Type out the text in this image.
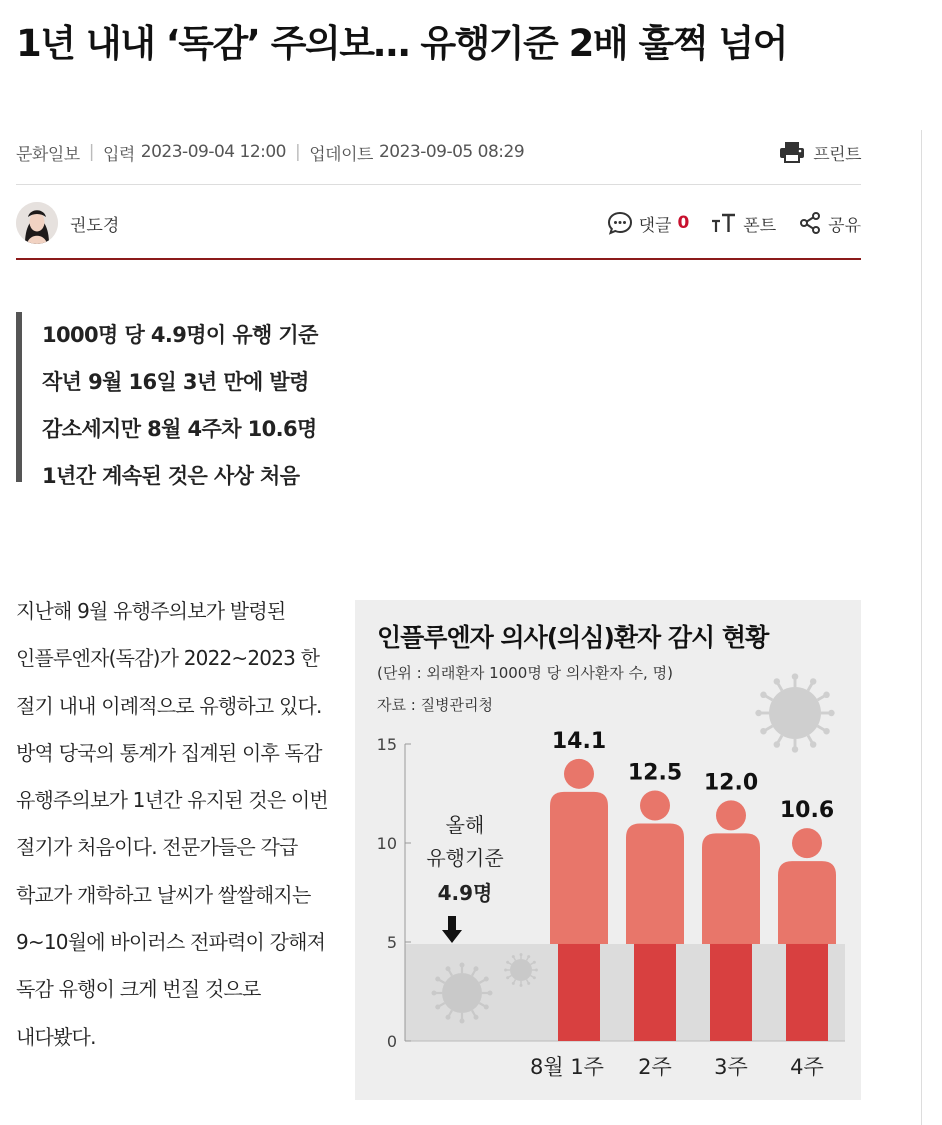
1년 내내 ‘독감’ 주의보… 유행기준 2배 훌쩍 넘어
문화일보 | 입력 2023-09-04 12:00 | 업데이트 2023-09-05 08:29	프린트
권도경	댓글 0	폰트	공유
1000명 당 4.9명이 유행 기준
작년 9월 16일 3년 만에 발령
감소세지만 8월 4주차 10.6명
1년간 계속된 것은 사상 처음

지난해 9월 유행주의보가 발령된 인플루엔자(독감)가 2022~2023 한 절기 내내 이례적으로 유행하고 있다. 방역 당국의 통계가 집계된 이후 독감 유행주의보가 1년간 유지된 것은 이번 절기가 처음이다. 전문가들은 각급 학교가 개학하고 날씨가 쌀쌀해지는 9~10월에 바이러스 전파력이 강해져 독감 유행이 크게 번질 것으로 내다봤다.

인플루엔자 의사(의심)환자 감시 현황
(단위 : 외래환자 1000명 당 의사환자 수, 명)
자료 : 질병관리청
0
5
10
15
올해
유행기준
4.9명
14.1
8월 1주
12.5
2주
12.0
3주
10.6
4주
